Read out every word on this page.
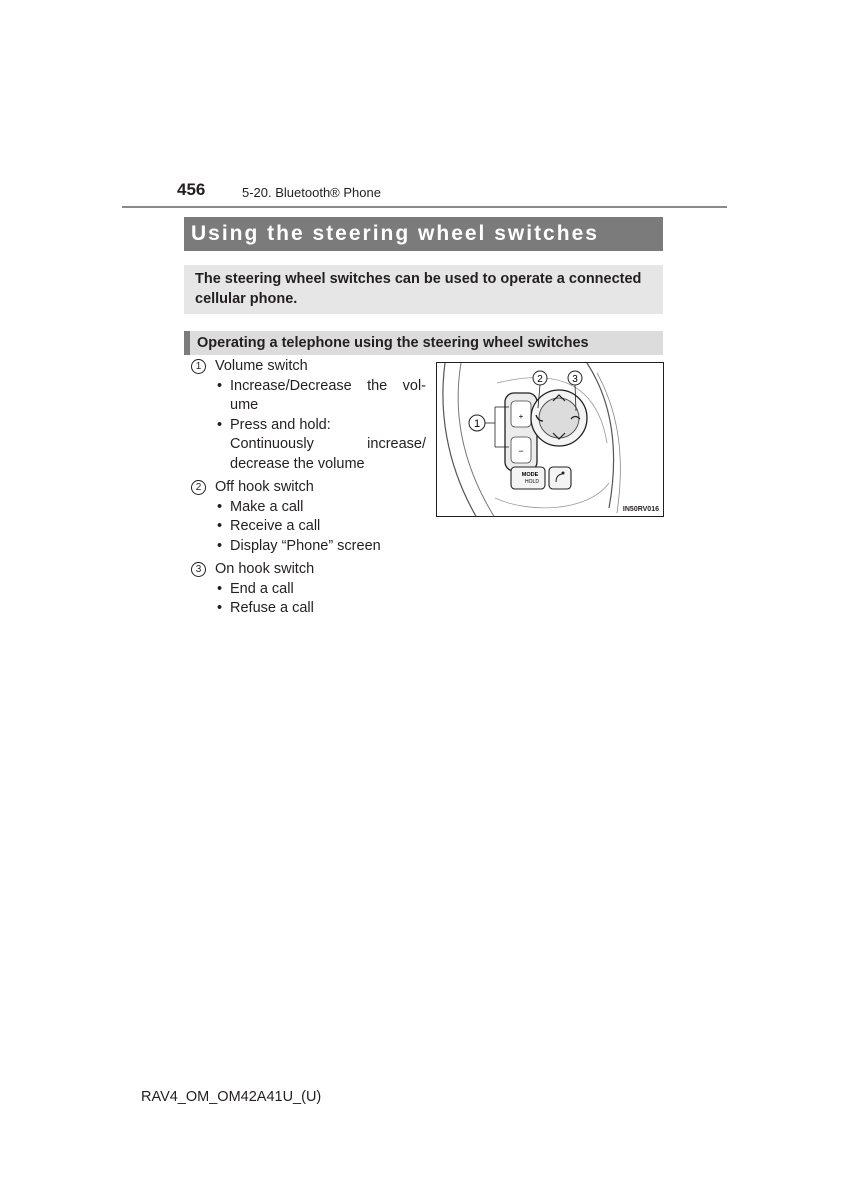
456	5-20. Bluetooth® Phone
Using the steering wheel switches
The steering wheel switches can be used to operate a connected cellular phone.
Operating a telephone using the steering wheel switches
1 Volume switch
• Increase/Decrease the vol-
ume
• Press and hold:
Continuously increase/
decrease the volume
2 Off hook switch
• Make a call
• Receive a call
• Display “Phone” screen
3 On hook switch
• End a call
• Refuse a call
+
−
2	3
1
MODE
HOLD
IN50RV016
RAV4_OM_OM42A41U_(U)
